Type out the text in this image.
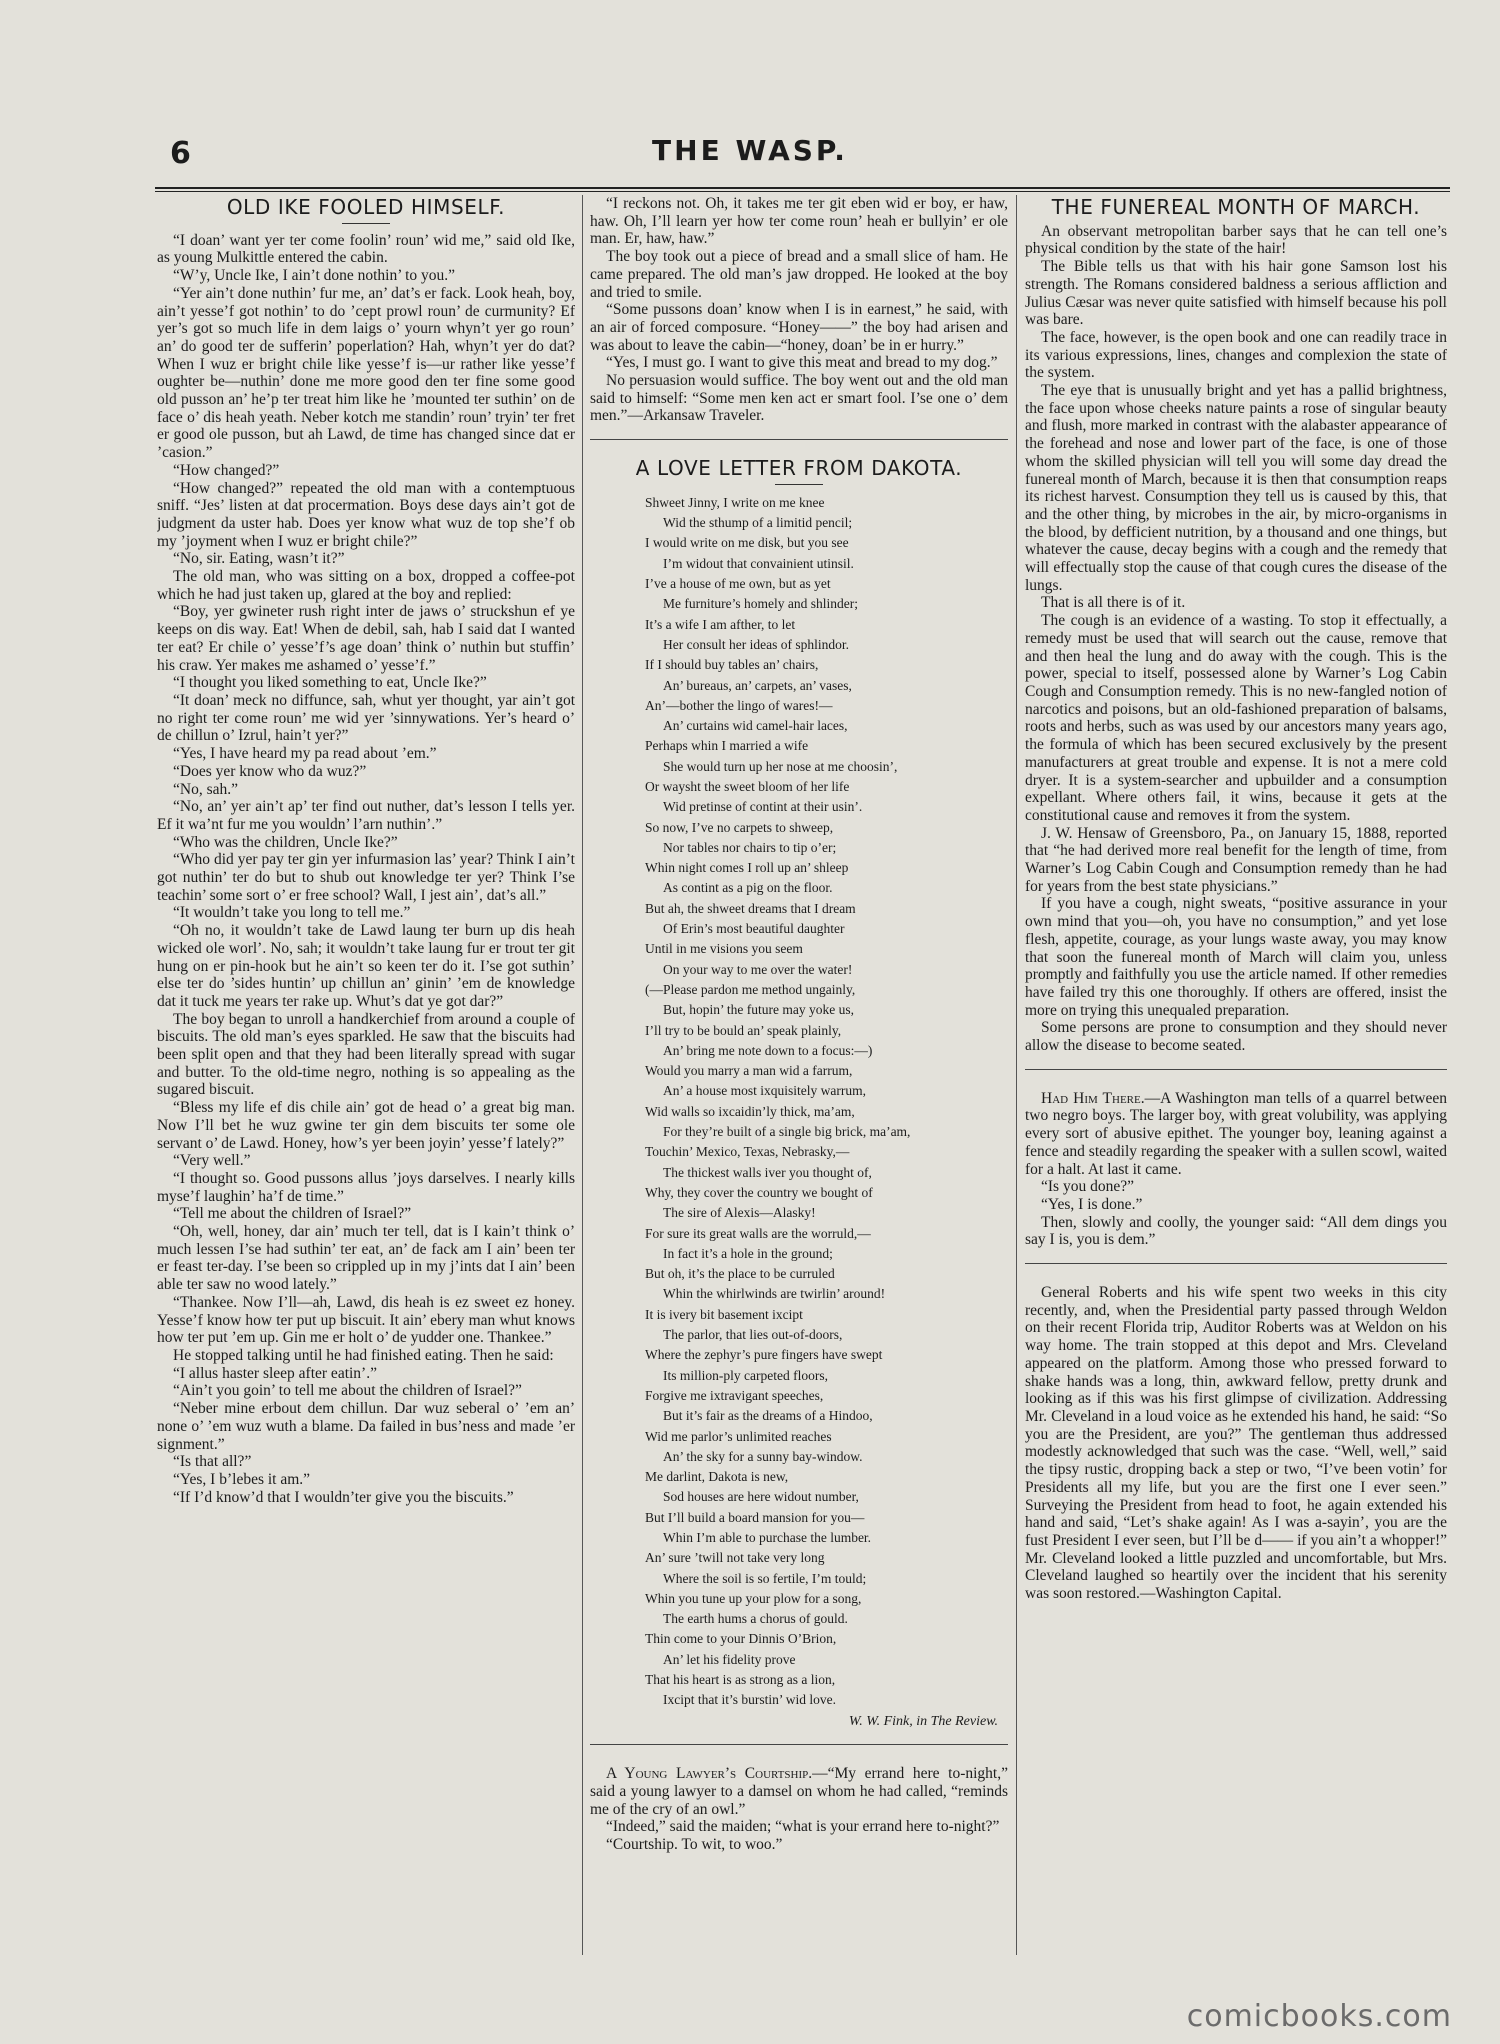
6	THE WASP.
OLD IKE FOOLED HIMSELF.

“I doan’ want yer ter come foolin’ roun’ wid me,” said old Ike, as young Mulkittle entered the cabin.

“W’y, Uncle Ike, I ain’t done nothin’ to you.”

“Yer ain’t done nuthin’ fur me, an’ dat’s er fack. Look heah, boy, ain’t yesse’f got nothin’ to do ’cept prowl roun’ de curmunity? Ef yer’s got so much life in dem laigs o’ yourn whyn’t yer go roun’ an’ do good ter de sufferin’ poperlation? Hah, whyn’t yer do dat? When I wuz er bright chile like yesse’f is—ur rather like yesse’f oughter be—nuthin’ done me more good den ter fine some good old pusson an’ he’p ter treat him like he ’mounted ter suthin’ on de face o’ dis heah yeath. Neber kotch me standin’ roun’ tryin’ ter fret er good ole pusson, but ah Lawd, de time has changed since dat er ’casion.”

“How changed?”

“How changed?” repeated the old man with a contemptuous sniff. “Jes’ listen at dat procermation. Boys dese days ain’t got de judgment da uster hab. Does yer know what wuz de top she’f ob my ’joyment when I wuz er bright chile?”

“No, sir. Eating, wasn’t it?”

The old man, who was sitting on a box, dropped a coffee-pot which he had just taken up, glared at the boy and replied:

“Boy, yer gwineter rush right inter de jaws o’ struckshun ef ye keeps on dis way. Eat! When de debil, sah, hab I said dat I wanted ter eat? Er chile o’ yesse’f’s age doan’ think o’ nuthin but stuffin’ his craw. Yer makes me ashamed o’ yesse’f.”

“I thought you liked something to eat, Uncle Ike?”

“It doan’ meck no diffunce, sah, whut yer thought, yar ain’t got no right ter come roun’ me wid yer ’sinnywations. Yer’s heard o’ de chillun o’ Izrul, hain’t yer?”

“Yes, I have heard my pa read about ’em.”

“Does yer know who da wuz?”

“No, sah.”

“No, an’ yer ain’t ap’ ter find out nuther, dat’s lesson I tells yer. Ef it wa’nt fur me you wouldn’ l’arn nuthin’.”

“Who was the children, Uncle Ike?”

“Who did yer pay ter gin yer infurmasion las’ year? Think I ain’t got nuthin’ ter do but to shub out knowledge ter yer? Think I’se teachin’ some sort o’ er free school? Wall, I jest ain’, dat’s all.”

“It wouldn’t take you long to tell me.”

“Oh no, it wouldn’t take de Lawd laung ter burn up dis heah wicked ole worl’. No, sah; it wouldn’t take laung fur er trout ter git hung on er pin-hook but he ain’t so keen ter do it. I’se got suthin’ else ter do ’sides huntin’ up chillun an’ ginin’ ’em de knowledge dat it tuck me years ter rake up. Whut’s dat ye got dar?”

The boy began to unroll a handkerchief from around a couple of biscuits. The old man’s eyes sparkled. He saw that the biscuits had been split open and that they had been literally spread with sugar and butter. To the old-time negro, nothing is so appealing as the sugared biscuit.

“Bless my life ef dis chile ain’ got de head o’ a great big man. Now I’ll bet he wuz gwine ter gin dem biscuits ter some ole servant o’ de Lawd. Honey, how’s yer been joyin’ yesse’f lately?”

“Very well.”

“I thought so. Good pussons allus ’joys darselves. I nearly kills myse’f laughin’ ha’f de time.”

“Tell me about the children of Israel?”

“Oh, well, honey, dar ain’ much ter tell, dat is I kain’t think o’ much lessen I’se had suthin’ ter eat, an’ de fack am I ain’ been ter er feast ter-day. I’se been so crippled up in my j’ints dat I ain’ been able ter saw no wood lately.”

“Thankee. Now I’ll—ah, Lawd, dis heah is ez sweet ez honey. Yesse’f know how ter put up biscuit. It ain’ ebery man whut knows how ter put ’em up. Gin me er holt o’ de yudder one. Thankee.”

He stopped talking until he had finished eating. Then he said:

“I allus haster sleep after eatin’.”

“Ain’t you goin’ to tell me about the children of Israel?”

“Neber mine erbout dem chillun. Dar wuz seberal o’ ’em an’ none o’ ’em wuz wuth a blame. Da failed in bus’ness and made ’er signment.”

“Is that all?”

“Yes, I b’lebes it am.”

“If I’d know’d that I wouldn’ter give you the biscuits.”

“I reckons not. Oh, it takes me ter git eben wid er boy, er haw, haw. Oh, I’ll learn yer how ter come roun’ heah er bullyin’ er ole man. Er, haw, haw.”

The boy took out a piece of bread and a small slice of ham. He came prepared. The old man’s jaw dropped. He looked at the boy and tried to smile.

“Some pussons doan’ know when I is in earnest,” he said, with an air of forced composure. “Honey——” the boy had arisen and was about to leave the cabin—“honey, doan’ be in er hurry.”

“Yes, I must go. I want to give this meat and bread to my dog.”

No persuasion would suffice. The boy went out and the old man said to himself: “Some men ken act er smart fool. I’se one o’ dem men.”—Arkansaw Traveler.

A LOVE LETTER FROM DAKOTA.
Shweet Jinny, I write on me knee
Wid the sthump of a limitid pencil;
I would write on me disk, but you see
I’m widout that convainient utinsil.
I’ve a house of me own, but as yet
Me furniture’s homely and shlinder;
It’s a wife I am afther, to let
Her consult her ideas of sphlindor.
If I should buy tables an’ chairs,
An’ bureaus, an’ carpets, an’ vases,
An’—bother the lingo of wares!—
An’ curtains wid camel-hair laces,
Perhaps whin I married a wife
She would turn up her nose at me choosin’,
Or waysht the sweet bloom of her life
Wid pretinse of contint at their usin’.
So now, I’ve no carpets to shweep,
Nor tables nor chairs to tip o’er;
Whin night comes I roll up an’ shleep
As contint as a pig on the floor.
But ah, the shweet dreams that I dream
Of Erin’s most beautiful daughter
Until in me visions you seem
On your way to me over the water!
(—Please pardon me method ungainly,
But, hopin’ the future may yoke us,
I’ll try to be bould an’ speak plainly,
An’ bring me note down to a focus:—)
Would you marry a man wid a farrum,
An’ a house most ixquisitely warrum,
Wid walls so ixcaidin’ly thick, ma’am,
For they’re built of a single big brick, ma’am,
Touchin’ Mexico, Texas, Nebrasky,—
The thickest walls iver you thought of,
Why, they cover the country we bought of
The sire of Alexis—Alasky!
For sure its great walls are the worruld,—
In fact it’s a hole in the ground;
But oh, it’s the place to be curruled
Whin the whirlwinds are twirlin’ around!
It is ivery bit basement ixcipt
The parlor, that lies out-of-doors,
Where the zephyr’s pure fingers have swept
Its million-ply carpeted floors,
Forgive me ixtravigant speeches,
But it’s fair as the dreams of a Hindoo,
Wid me parlor’s unlimited reaches
An’ the sky for a sunny bay-window.
Me darlint, Dakota is new,
Sod houses are here widout number,
But I’ll build a board mansion for you—
Whin I’m able to purchase the lumber.
An’ sure ’twill not take very long
Where the soil is so fertile, I’m tould;
Whin you tune up your plow for a song,
The earth hums a chorus of gould.
Thin come to your Dinnis O’Brion,
An’ let his fidelity prove
That his heart is as strong as a lion,
Ixcipt that it’s burstin’ wid love.
W. W. Fink, in The Review.

A Young Lawyer’s Courtship.—“My errand here to-night,” said a young lawyer to a damsel on whom he had called, “reminds me of the cry of an owl.”

“Indeed,” said the maiden; “what is your errand here to-night?”

“Courtship. To wit, to woo.”

THE FUNEREAL MONTH OF MARCH.

An observant metropolitan barber says that he can tell one’s physical condition by the state of the hair!

The Bible tells us that with his hair gone Samson lost his strength. The Romans considered baldness a serious affliction and Julius Cæsar was never quite satisfied with himself because his poll was bare.

The face, however, is the open book and one can readily trace in its various expressions, lines, changes and complexion the state of the system.

The eye that is unusually bright and yet has a pallid brightness, the face upon whose cheeks nature paints a rose of singular beauty and flush, more marked in contrast with the alabaster appearance of the forehead and nose and lower part of the face, is one of those whom the skilled physician will tell you will some day dread the funereal month of March, because it is then that consumption reaps its richest harvest. Consumption they tell us is caused by this, that and the other thing, by microbes in the air, by micro-organisms in the blood, by defficient nutrition, by a thousand and one things, but whatever the cause, decay begins with a cough and the remedy that will effectually stop the cause of that cough cures the disease of the lungs.

That is all there is of it.

The cough is an evidence of a wasting. To stop it effectually, a remedy must be used that will search out the cause, remove that and then heal the lung and do away with the cough. This is the power, special to itself, possessed alone by Warner’s Log Cabin Cough and Consumption remedy. This is no new-fangled notion of narcotics and poisons, but an old-fashioned preparation of balsams, roots and herbs, such as was used by our ancestors many years ago, the formula of which has been secured exclusively by the present manufacturers at great trouble and expense. It is not a mere cold dryer. It is a system-searcher and upbuilder and a consumption expellant. Where others fail, it wins, because it gets at the constitutional cause and removes it from the system.

J. W. Hensaw of Greensboro, Pa., on January 15, 1888, reported that “he had derived more real benefit for the length of time, from Warner’s Log Cabin Cough and Consumption remedy than he had for years from the best state physicians.”

If you have a cough, night sweats, “positive assurance in your own mind that you—oh, you have no consumption,” and yet lose flesh, appetite, courage, as your lungs waste away, you may know that soon the funereal month of March will claim you, unless promptly and faithfully you use the article named. If other remedies have failed try this one thoroughly. If others are offered, insist the more on trying this unequaled preparation.

Some persons are prone to consumption and they should never allow the disease to become seated.

Had Him There.—A Washington man tells of a quarrel between two negro boys. The larger boy, with great volubility, was applying every sort of abusive epithet. The younger boy, leaning against a fence and steadily regarding the speaker with a sullen scowl, waited for a halt. At last it came.

“Is you done?”

“Yes, I is done.”

Then, slowly and coolly, the younger said: “All dem dings you say I is, you is dem.”

General Roberts and his wife spent two weeks in this city recently, and, when the Presidential party passed through Weldon on their recent Florida trip, Auditor Roberts was at Weldon on his way home. The train stopped at this depot and Mrs. Cleveland appeared on the platform. Among those who pressed forward to shake hands was a long, thin, awkward fellow, pretty drunk and looking as if this was his first glimpse of civilization. Addressing Mr. Cleveland in a loud voice as he extended his hand, he said: “So you are the President, are you?” The gentleman thus addressed modestly acknowledged that such was the case. “Well, well,” said the tipsy rustic, dropping back a step or two, “I’ve been votin’ for Presidents all my life, but you are the first one I ever seen.” Surveying the President from head to foot, he again extended his hand and said, “Let’s shake again! As I was a-sayin’, you are the fust President I ever seen, but I’ll be d—— if you ain’t a whopper!” Mr. Cleveland looked a little puzzled and uncomfortable, but Mrs. Cleveland laughed so heartily over the incident that his serenity was soon restored.—Washington Capital.

comicbooks.com
